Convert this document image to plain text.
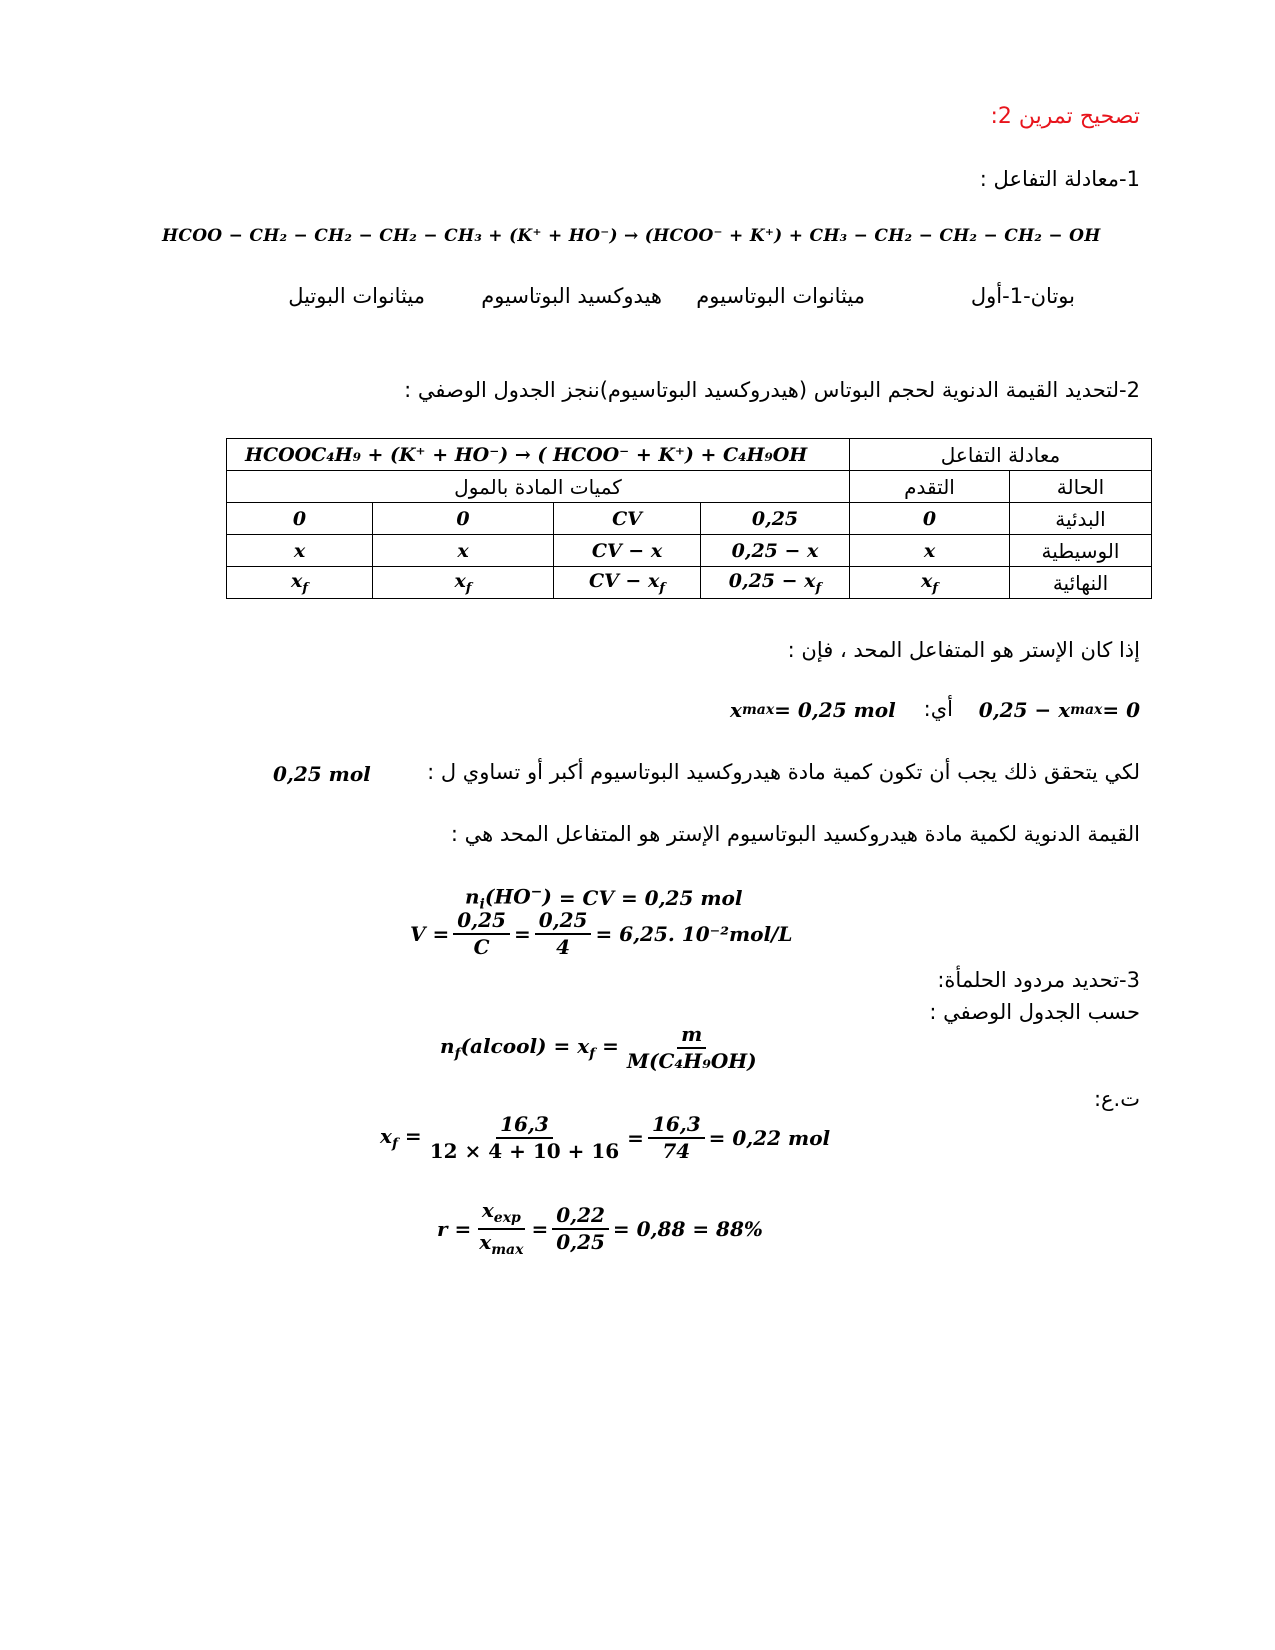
تصحيح تمرين 2:
1-معادلة التفاعل :
HCOO − CH₂ − CH₂ − CH₂ − CH₃ + (K⁺ + HO⁻) → (HCOO⁻ + K⁺) + CH₃ − CH₂ − CH₂ − CH₂ − OH
بوتان-1-أول
ميثانوات البوتاسيوم
هيدوكسيد البوتاسيوم
ميثانوات البوتيل
2-لتحديد القيمة الدنوية لحجم البوتاس (هيدروكسيد البوتاسيوم)ننجز الجدول الوصفي :
معادلة التفاعل		HCOOC₄H₉ + (K⁺ + HO⁻) → ( HCOO⁻ + K⁺) + C₄H₉OH			
الحالة	التقدم	كميات المادة بالمول			
البدئية	0	0,25	CV	0	0
الوسيطية	x	0,25 − x	CV − x	x	x
النهائية	$x_f$	$0,25 - x_f$	CV − $x_f$	$x_f$	$x_f$
إذا كان الإستر هو المتفاعل المحد ، فإن :
0,25 − x max = 0
أي:
x max = 0,25 mol
لكي يتحقق ذلك يجب أن تكون كمية مادة هيدروكسيد البوتاسيوم أكبر أو تساوي ل :
0,25 mol
القيمة الدنوية لكمية مادة هيدروكسيد البوتاسيوم الإستر هو المتفاعل المحد هي :
$n_i(HO^-)$ = CV = 0,25 mol
$V = \frac{0,25}{C} = \frac{0,25}{4} = 6,25$. 10⁻²mol/L
3-تحديد مردود الحلمأة:
حسب الجدول الوصفي :
$n_f(alcool) = x_f = \frac{m}{\text{M(C₄H₉OH)}}$
ت.ع:
$x_f = \frac{16,3}{12 \times 4 + 10 + 16} = \frac{16,3}{74} = 0,22$ mol
$r = \frac{x_{exp}}{x_{max}} = \frac{0,22}{0,25} = 0,88 = 88\%$
